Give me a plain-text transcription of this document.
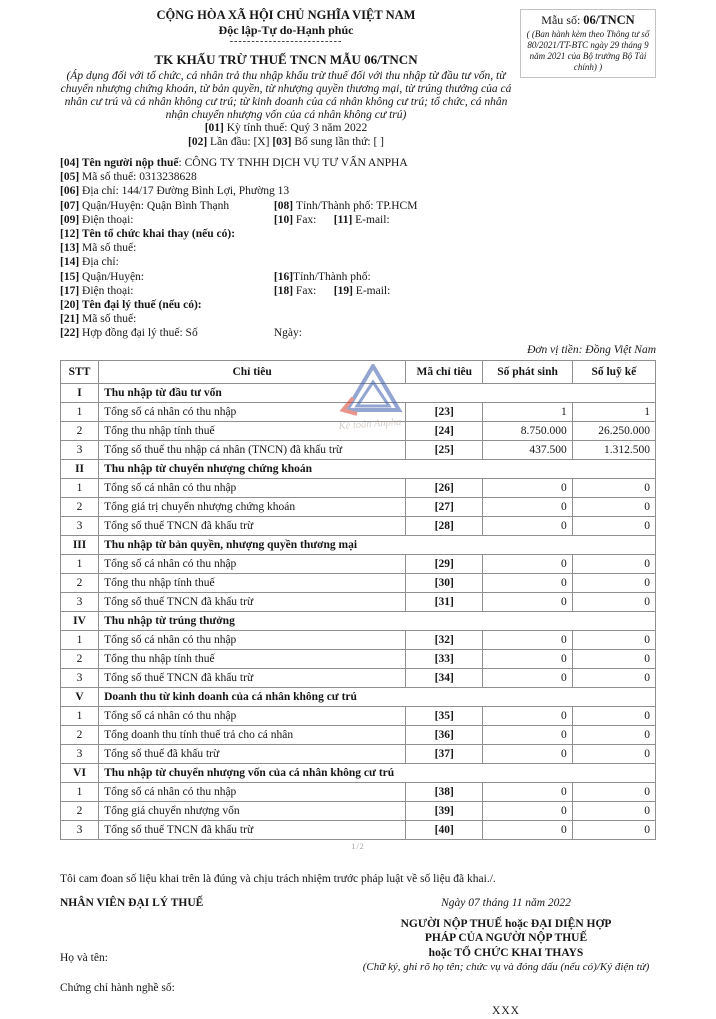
CỘNG HÒA XÃ HỘI CHỦ NGHĨA VIỆT NAM
Độc lập-Tự do-Hạnh phúc
--------------------------
TK KHẤU TRỪ THUẾ TNCN MẪU 06/TNCN
(Áp dụng đối với tổ chức, cá nhân trả thu nhập khấu trừ thuế đối với thu nhập từ đầu tư vốn, từ chuyển nhượng chứng khoán, từ bản quyền, từ nhượng quyền thương mại, từ trúng thưởng của cá nhân cư trú và cá nhân không cư trú; từ kinh doanh của cá nhân không cư trú; tổ chức, cá nhân nhận chuyển nhượng vốn của cá nhân không cư trú)
[01] Kỳ tính thuế: Quý 3 năm 2022
[02] Lần đầu: [X] [03] Bổ sung lần thứ: [ ]
Mẫu số: 06/TNCN
( (Ban hành kèm theo Thông tư số 80/2021/TT-BTC ngày 29 tháng 9 năm 2021 của Bộ trưởng Bộ Tài chính) )
[04] Tên người nộp thuế: CÔNG TY TNHH DỊCH VỤ TƯ VẤN ANPHA
[05] Mã số thuế: 0313238628
[06] Địa chỉ: 144/17 Đường Bình Lợi, Phường 13
[07] Quận/Huyện: Quận Bình Thạnh	[08] Tỉnh/Thành phố: TP.HCM
[09] Điện thoại:	[10] Fax: [11] E-mail:
[12] Tên tổ chức khai thay (nếu có):
[13] Mã số thuế:
[14] Địa chỉ:
[15] Quận/Huyện:	[16]Tỉnh/Thành phố:
[17] Điện thoại:	[18] Fax: [19] E-mail:
[20] Tên đại lý thuế (nếu có):
[21] Mã số thuế:
[22] Hợp đồng đại lý thuế: Số	Ngày:
Đơn vị tiền: Đồng Việt Nam
STT	Chỉ tiêu	Mã chỉ tiêu	Số phát sinh	Số luỹ kế
I	Thu nhập từ đầu tư vốn			
1	Tổng số cá nhân có thu nhập	[23]	1	1
2	Tổng thu nhập tính thuế	[24]	8.750.000	26.250.000
3	Tổng số thuế thu nhập cá nhân (TNCN) đã khấu trừ	[25]	437.500	1.312.500
II	Thu nhập từ chuyển nhượng chứng khoán			
1	Tổng số cá nhân có thu nhập	[26]	0	0
2	Tổng giá trị chuyển nhượng chứng khoán	[27]	0	0
3	Tổng số thuế TNCN đã khấu trừ	[28]	0	0
III	Thu nhập từ bản quyền, nhượng quyền thương mại			
1	Tổng số cá nhân có thu nhập	[29]	0	0
2	Tổng thu nhập tính thuế	[30]	0	0
3	Tổng số thuế TNCN đã khấu trừ	[31]	0	0
IV	Thu nhập từ trúng thưởng			
1	Tổng số cá nhân có thu nhập	[32]	0	0
2	Tổng thu nhập tính thuế	[33]	0	0
3	Tổng số thuế TNCN đã khấu trừ	[34]	0	0
V	Doanh thu từ kinh doanh của cá nhân không cư trú			
1	Tổng số cá nhân có thu nhập	[35]	0	0
2	Tổng doanh thu tính thuế trả cho cá nhân	[36]	0	0
3	Tổng số thuế đã khấu trừ	[37]	0	0
VI	Thu nhập từ chuyển nhượng vốn của cá nhân không cư trú			
1	Tổng số cá nhân có thu nhập	[38]	0	0
2	Tổng giá chuyển nhượng vốn	[39]	0	0
3	Tổng số thuế TNCN đã khấu trừ	[40]	0	0
Kế toán Anpha
1/2
Tôi cam đoan số liệu khai trên là đúng và chịu trách nhiệm trước pháp luật về số liệu đã khai./.
NHÂN VIÊN ĐẠI LÝ THUẾ
Họ và tên:
Chứng chỉ hành nghề số:
Ngày 07 tháng 11 năm 2022
NGƯỜI NỘP THUẾ hoặc ĐẠI DIỆN HỢP
PHÁP CỦA NGƯỜI NỘP THUẾ
hoặc TỔ CHỨC KHAI THAYS
(Chữ ký, ghi rõ họ tên; chức vụ và đóng dấu (nếu có)/Ký điện tử)
XXX
